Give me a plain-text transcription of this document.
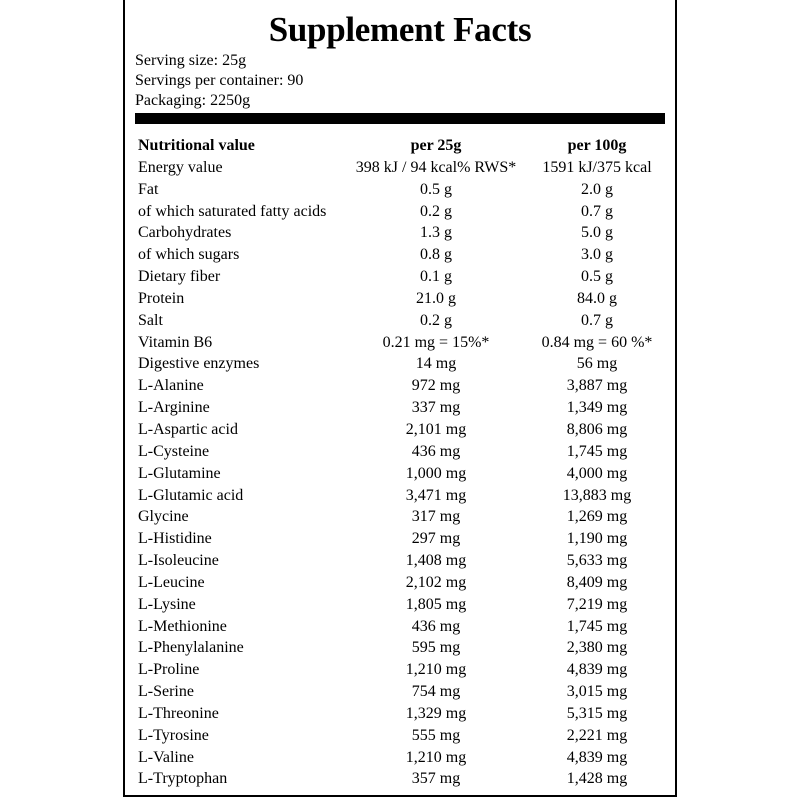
Supplement Facts
Serving size: 25g
Servings per container: 90
Packaging: 2250g
Nutritional value	per 25g	per 100g
Energy value	398 kJ / 94 kcal% RWS*	1591 kJ/375 kcal
Fat	0.5 g	2.0 g
of which saturated fatty acids	0.2 g	0.7 g
Carbohydrates	1.3 g	5.0 g
of which sugars	0.8 g	3.0 g
Dietary fiber	0.1 g	0.5 g
Protein	21.0 g	84.0 g
Salt	0.2 g	0.7 g
Vitamin B6	0.21 mg = 15%*	0.84 mg = 60 %*
Digestive enzymes	14 mg	56 mg
L-Alanine	972 mg	3,887 mg
L-Arginine	337 mg	1,349 mg
L-Aspartic acid	2,101 mg	8,806 mg
L-Cysteine	436 mg	1,745 mg
L-Glutamine	1,000 mg	4,000 mg
L-Glutamic acid	3,471 mg	13,883 mg
Glycine	317 mg	1,269 mg
L-Histidine	297 mg	1,190 mg
L-Isoleucine	1,408 mg	5,633 mg
L-Leucine	2,102 mg	8,409 mg
L-Lysine	1,805 mg	7,219 mg
L-Methionine	436 mg	1,745 mg
L-Phenylalanine	595 mg	2,380 mg
L-Proline	1,210 mg	4,839 mg
L-Serine	754 mg	3,015 mg
L-Threonine	1,329 mg	5,315 mg
L-Tyrosine	555 mg	2,221 mg
L-Valine	1,210 mg	4,839 mg
L-Tryptophan	357 mg	1,428 mg
